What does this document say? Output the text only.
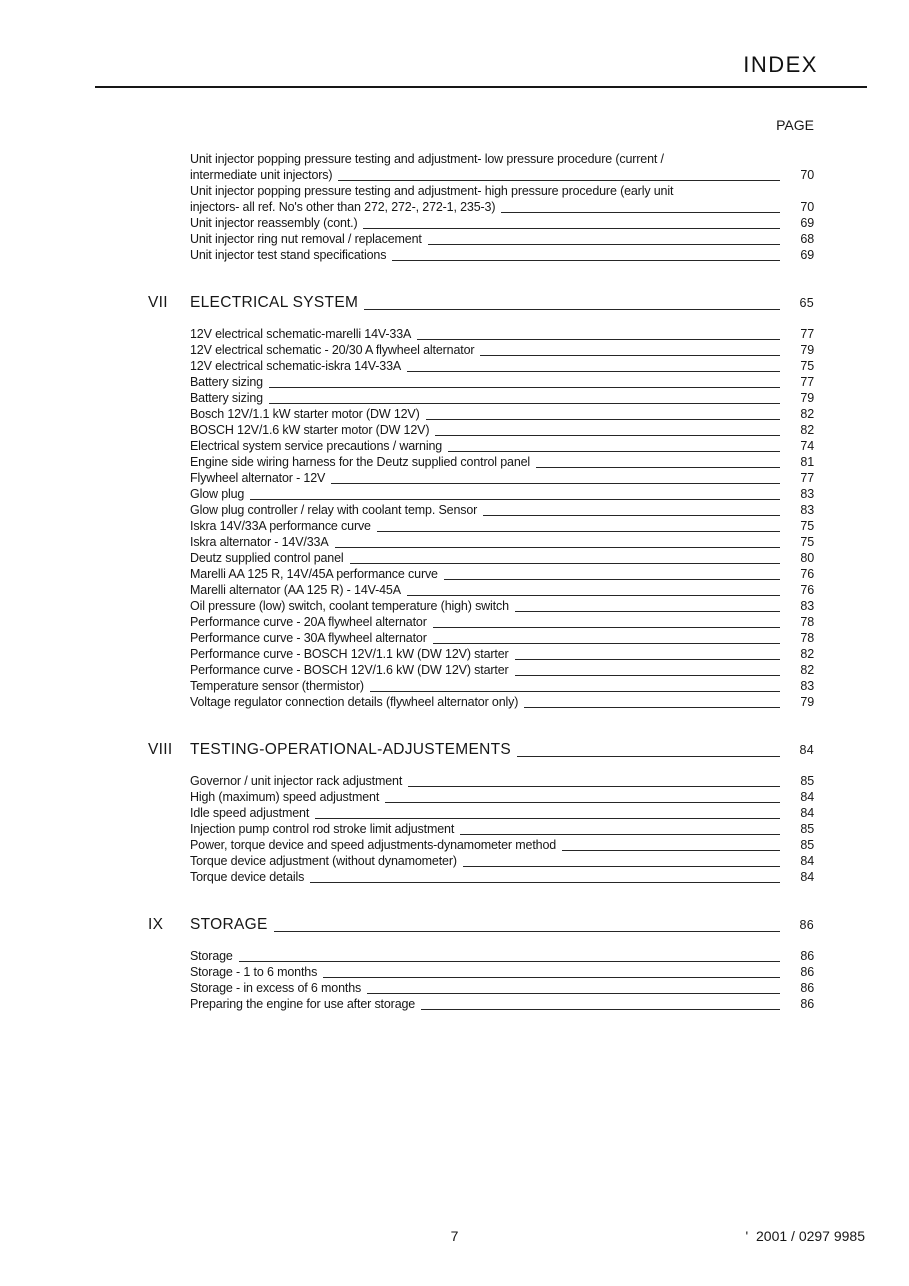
INDEX
PAGE
Unit injector popping pressure testing and adjustment- low pressure procedure (current /
intermediate unit injectors)	70
Unit injector popping pressure testing and adjustment- high pressure procedure (early unit
injectors- all ref. No's other than 272, 272-, 272-1, 235-3)	70
Unit injector reassembly (cont.)	69
Unit injector ring nut removal / replacement	68
Unit injector test stand specifications	69
VII ELECTRICAL SYSTEM	65
12V electrical schematic-marelli 14V-33A	77
12V electrical schematic - 20/30 A flywheel alternator	79
12V electrical schematic-iskra 14V-33A	75
Battery sizing	77
Battery sizing	79
Bosch 12V/1.1 kW starter motor (DW 12V)	82
BOSCH 12V/1.6 kW starter motor (DW 12V)	82
Electrical system service precautions / warning	74
Engine side wiring harness for the Deutz supplied control panel	81
Flywheel alternator - 12V	77
Glow plug	83
Glow plug controller / relay with coolant temp. Sensor	83
Iskra 14V/33A performance curve	75
Iskra alternator - 14V/33A	75
Deutz supplied control panel	80
Marelli AA 125 R, 14V/45A performance curve	76
Marelli alternator (AA 125 R) - 14V-45A	76
Oil pressure (low) switch, coolant temperature (high) switch	83
Performance curve - 20A flywheel alternator	78
Performance curve - 30A flywheel alternator	78
Performance curve - BOSCH 12V/1.1 kW (DW 12V) starter	82
Performance curve - BOSCH 12V/1.6 kW (DW 12V) starter	82
Temperature sensor (thermistor)	83
Voltage regulator connection details (flywheel alternator only)	79
VIII TESTING-OPERATIONAL-ADJUSTEMENTS	84
Governor / unit injector rack adjustment	85
High (maximum) speed adjustment	84
Idle speed adjustment	84
Injection pump control rod stroke limit adjustment	85
Power, torque device and speed adjustments-dynamometer method	85
Torque device adjustment (without dynamometer)	84
Torque device details	84
IX STORAGE	86
Storage	86
Storage - 1 to 6 months	86
Storage - in excess of 6 months	86
Preparing the engine for use after storage	86
7	'  2001 / 0297 9985
